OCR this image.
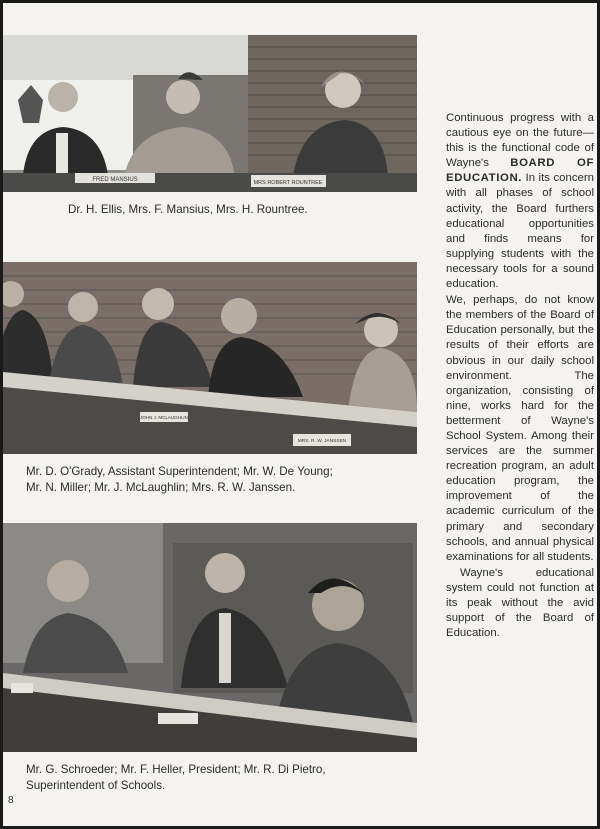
FRED MANSIUS	MRS ROBERT ROUNTREE
Dr. H. Ellis, Mrs. F. Mansius, Mrs. H. Rountree.
JOHN J. MCLAUGHLIN
MRS. R. W. JANSSEN
Mr. D. O'Grady, Assistant Superintendent; Mr. W. De Young;
Mr. N. Miller; Mr. J. McLaughlin; Mrs. R. W. Janssen.
Mr. G. Schroeder; Mr. F. Heller, President; Mr. R. Di Pietro,
Superintendent of Schools.

Continuous progress with a cautious eye on the future—this is the functional code of Wayne's BOARD OF EDUCATION. In its concern with all phases of school activity, the Board furthers educational opportunities and finds means for supplying students with the necessary tools for a sound education.

We, perhaps, do not know the members of the Board of Education personally, but the results of their efforts are obvious in our daily school environment. The organization, consisting of nine, works hard for the betterment of Wayne's School System. Among their services are the summer recreation program, an adult education program, the improvement of the academic curriculum of the primary and secondary schools, and annual physical examinations for all students.

Wayne's educational system could not function at its peak without the avid support of the Board of Education.

8
